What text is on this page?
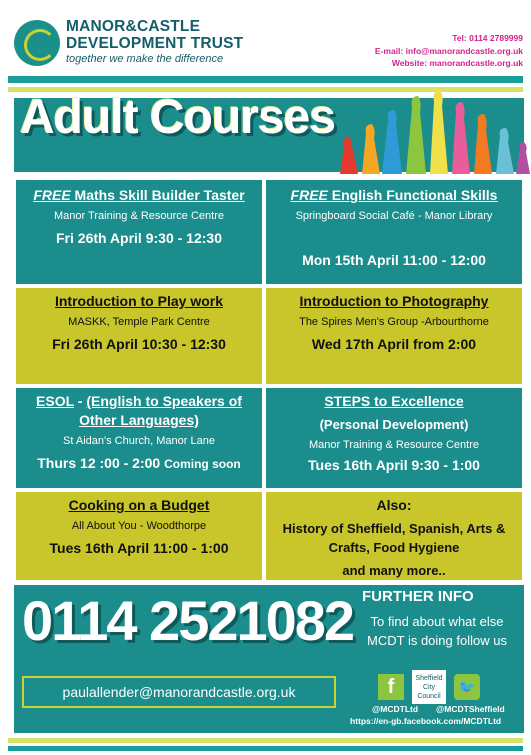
MANOR&CASTLE
DEVELOPMENT TRUST
together we make the difference
Tel: 0114 2789999
E-mail: info@manorandcastle.org.uk
Website: manorandcastle.org.uk
Adult Courses
FREE Maths Skill Builder Taster
Manor Training & Resource Centre
Fri 26th April 9:30 - 12:30
FREE English Functional Skills
Springboard Social Café - Manor Library
Mon 15th April 11:00 - 12:00
Introduction to Play work
MASKK, Temple Park Centre
Fri 26th April 10:30 - 12:30
Introduction to Photography
The Spires Men's Group -Arbourthorne
Wed 17th April from 2:00
ESOL - (English to Speakers of Other Languages)
St Aidan's Church, Manor Lane
Thurs 12 :00 - 2:00 Coming soon
STEPS to Excellence
(Personal Development)
Manor Training & Resource Centre
Tues 16th April 9:30 - 1:00
Cooking on a Budget
All About You - Woodthorpe
Tues 16th April 11:00 - 1:00
Also:
History of Sheffield, Spanish, Arts & Crafts, Food Hygiene
and many more..
0114 2521082
paulallender@manorandcastle.org.uk
FURTHER INFO
To find about what else MCDT is doing follow us
f	Sheffield City Council
🐦
@MCDTLtd @MCDTSheffield
https://en-gb.facebook.com/MCDTLtd
